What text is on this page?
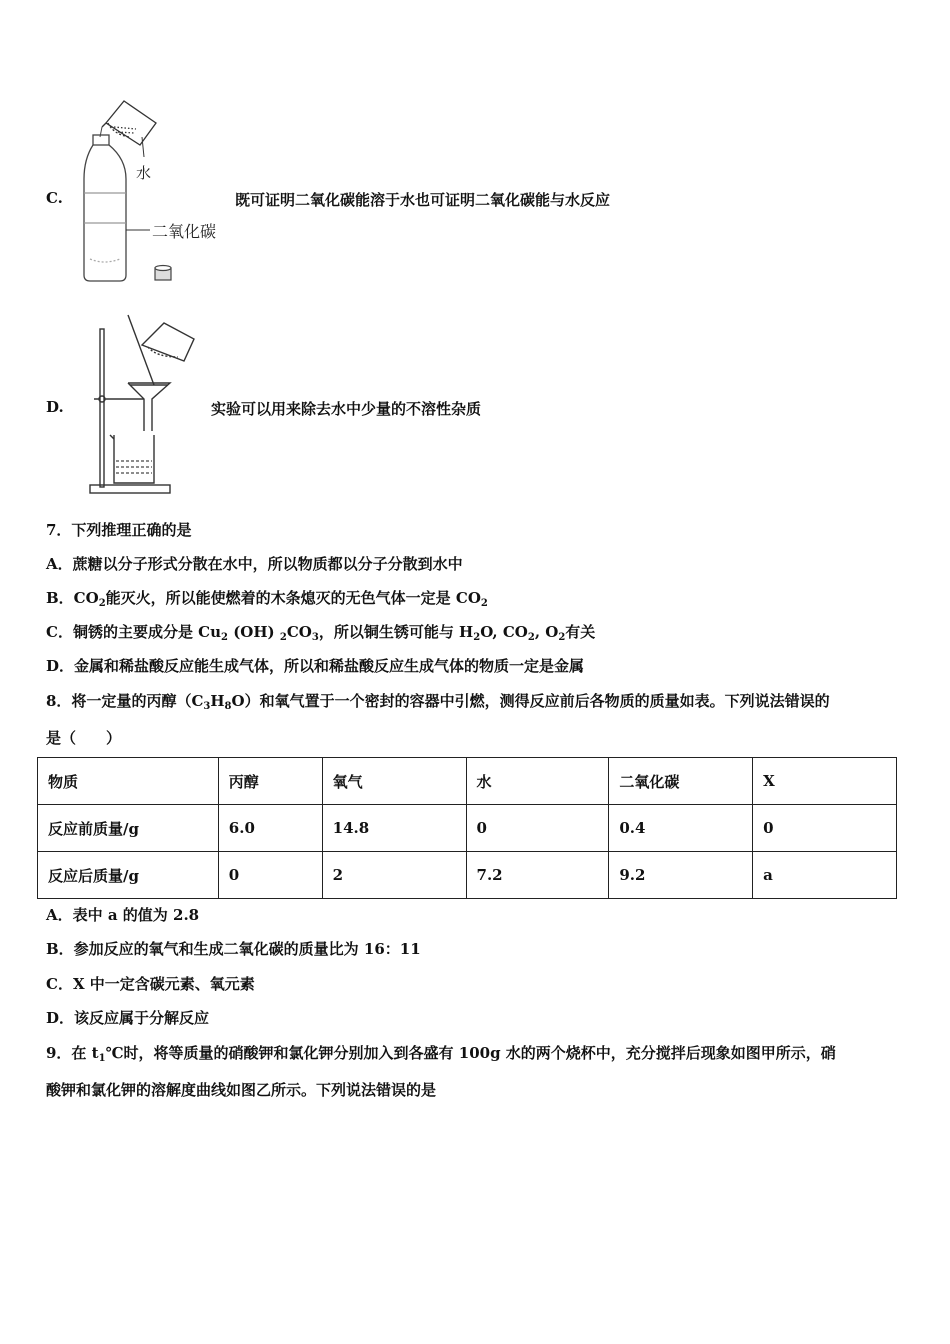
C.
水
二氧化碳
既可证明二氧化碳能溶于水也可证明二氧化碳能与水反应
D.	实验可以用来除去水中少量的不溶性杂质
7．下列推理正确的是
A．蔗糖以分子形式分散在水中，所以物质都以分子分散到水中
B．$CO_2$能灭火，所以能使燃着的木条熄灭的无色气体一定是 $CO_2$
C．铜锈的主要成分是 $Cu_2$ (OH) $_2CO_3$，所以铜生锈可能与 $H_2O$, $CO_2$, $O_2$有关
D．金属和稀盐酸反应能生成气体，所以和稀盐酸反应生成气体的物质一定是金属
8．将一定量的丙醇$(C_3H_8O)$和氧气置于一个密封的容器中引燃，测得反应前后各物质的质量如表。下列说法错误的
是（　　）
物质	丙醇	氧气	水	二氧化碳	X
反应前质量/g	6.0	14.8	0	0.4	0
反应后质量/g	0	2	7.2	9.2	a
A．表中 a 的值为 2.8
B．参加反应的氧气和生成二氧化碳的质量比为 16：11
C．X 中一定含碳元素、氧元素
D．该反应属于分解反应
9．在 $t_1℃$时，将等质量的硝酸钾和氯化钾分别加入到各盛有 100g 水的两个烧杯中，充分搅拌后现象如图甲所示，硝
酸钾和氯化钾的溶解度曲线如图乙所示。下列说法错误的是
